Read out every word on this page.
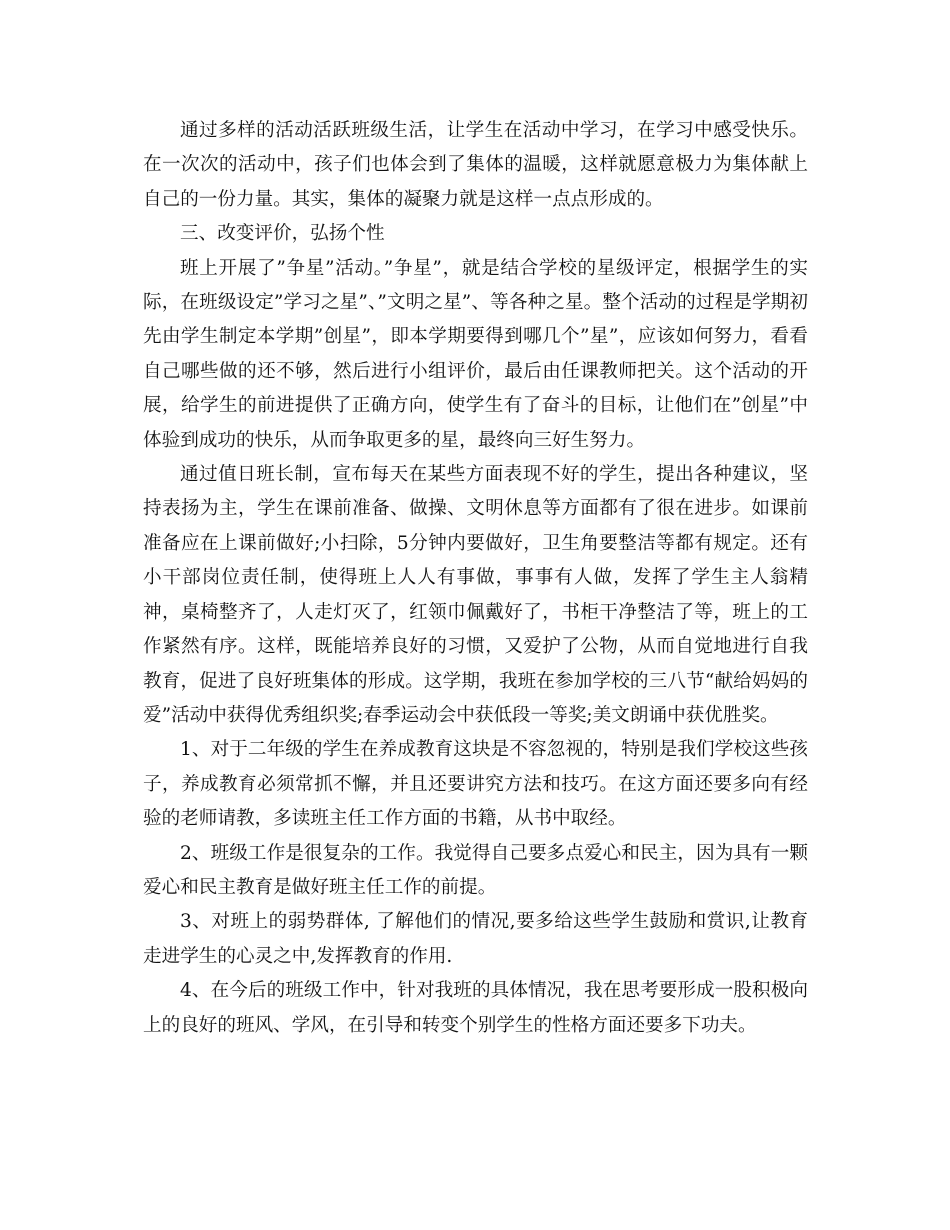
通过多样的活动活跃班级生活，让学生在活动中学习，在学习中感受快乐。在一次次的活动中，孩子们也体会到了集体的温暖，这样就愿意极力为集体献上自己的一份力量。其实，集体的凝聚力就是这样一点点形成的。

三、改变评价，弘扬个性

班上开展了”争星”活动。”争星”，就是结合学校的星级评定，根据学生的实际，在班级设定”学习之星”、”文明之星”、等各种之星。整个活动的过程是学期初先由学生制定本学期”创星”，即本学期要得到哪几个”星”，应该如何努力，看看自己哪些做的还不够，然后进行小组评价，最后由任课教师把关。这个活动的开展，给学生的前进提供了正确方向，使学生有了奋斗的目标，让他们在”创星”中体验到成功的快乐，从而争取更多的星，最终向三好生努力。

通过值日班长制，宣布每天在某些方面表现不好的学生，提出各种建议，坚持表扬为主，学生在课前准备、做操、文明休息等方面都有了很在进步。如课前准备应在上课前做好;小扫除，5分钟内要做好，卫生角要整洁等都有规定。还有小干部岗位责任制，使得班上人人有事做，事事有人做，发挥了学生主人翁精神，桌椅整齐了，人走灯灭了，红领巾佩戴好了，书柜干净整洁了等，班上的工作紧然有序。这样，既能培养良好的习惯，又爱护了公物，从而自觉地进行自我教育，促进了良好班集体的形成。这学期，我班在参加学校的三八节“献给妈妈的爱”活动中获得优秀组织奖;春季运动会中获低段一等奖;美文朗诵中获优胜奖。

1、对于二年级的学生在养成教育这块是不容忽视的，特别是我们学校这些孩子，养成教育必须常抓不懈，并且还要讲究方法和技巧。在这方面还要多向有经验的老师请教，多读班主任工作方面的书籍，从书中取经。

2、班级工作是很复杂的工作。我觉得自己要多点爱心和民主，因为具有一颗爱心和民主教育是做好班主任工作的前提。

3、对班上的弱势群体, 了解他们的情况,要多给这些学生鼓励和赏识,让教育走进学生的心灵之中,发挥教育的作用.

4、在今后的班级工作中，针对我班的具体情况，我在思考要形成一股积极向上的良好的班风、学风，在引导和转变个别学生的性格方面还要多下功夫。
